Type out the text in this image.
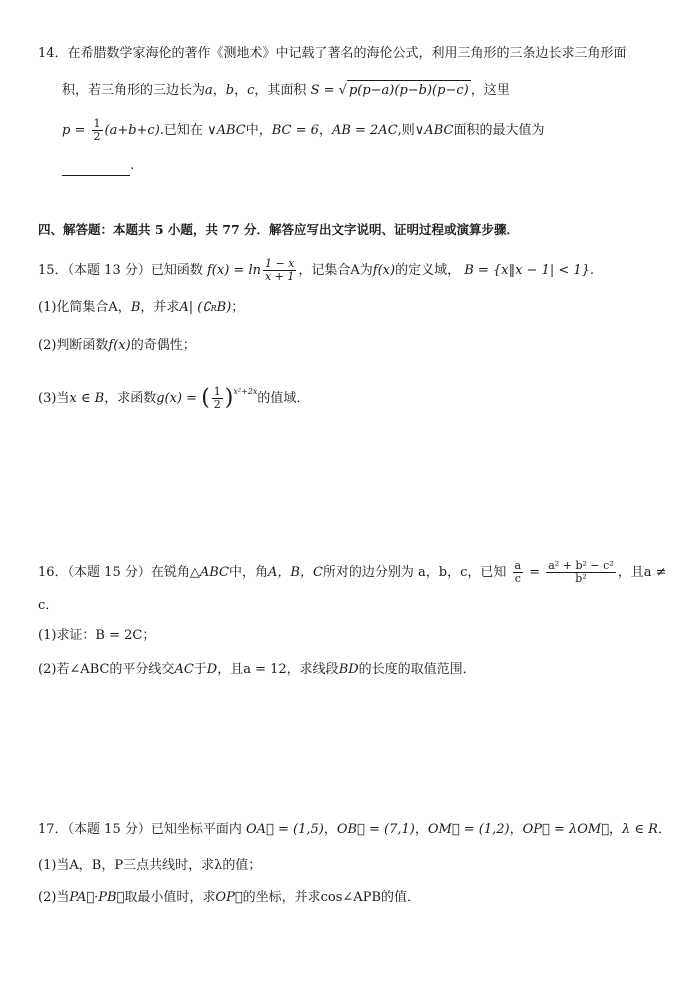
14．在希腊数学家海伦的著作《测地术》中记载了著名的海伦公式，利用三角形的三条边长求三角形面
积，若三角形的三边长为a，b，c，其面积 S = √ p(p−a)(p−b)(p−c) ，这里
$p = \frac{1}{2} (a+b+c)$.已知在 ∨ABC中，BC = 6，AB = 2AC,则∨ABC面积的最大值为
.
四、解答题：本题共 5 小题，共 77 分．解答应写出文字说明、证明过程或演算步骤．
15．（本题 13 分）已知函数 $f(x) = \ln \frac{1 - x}{x + 1}$ ，记集合A为f(x)的定义域， B = {x‖x − 1| < 1}.
(1)化简集合A，B，并求A| (∁RB)；
(2)判断函数f(x)的奇偶性；
(3)当x ∈ B，求函数g(x) = ( $\frac{1}{2} )^{x^2+2x}$的值域．
16．（本题 15 分）在锐角△ABC中，角A，B，C所对的边分别为 a，b，c，已知 $\frac{a}{c} = \frac{\text{a² + b² − c²}}{\text{b²}}$ ，且a ≠
c．
(1)求证：B = 2C；
(2)若∠ABC的平分线交AC于D，且a = 12，求线段BD的长度的取值范围．
17．（本题 15 分）已知坐标平面内 OA⃗ = (1,5)，OB⃗ = (7,1)，OM⃗ = (1,2)，OP⃗ = λOM⃗，λ ∈ R．
(1)当A，B，P三点共线时，求λ的值；
(2)当PA⃗·PB⃗取最小值时，求OP⃗的坐标，并求cos∠APB的值．
